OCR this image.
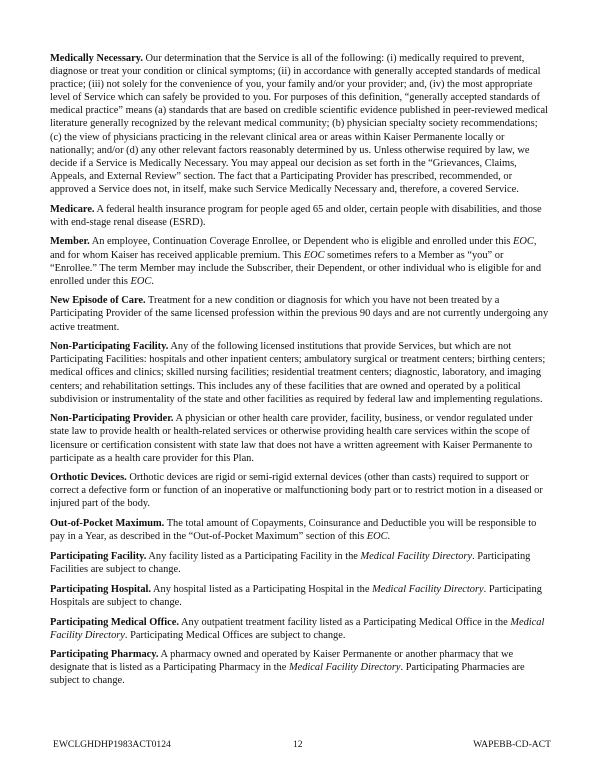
Medically Necessary. Our determination that the Service is all of the following: (i) medically required to prevent, diagnose or treat your condition or clinical symptoms; (ii) in accordance with generally accepted standards of medical practice; (iii) not solely for the convenience of you, your family and/or your provider; and, (iv) the most appropriate level of Service which can safely be provided to you. For purposes of this definition, “generally accepted standards of medical practice” means (a) standards that are based on credible scientific evidence published in peer-reviewed medical literature generally recognized by the relevant medical community; (b) physician specialty society recommendations; (c) the view of physicians practicing in the relevant clinical area or areas within Kaiser Permanente locally or nationally; and/or (d) any other relevant factors reasonably determined by us. Unless otherwise required by law, we decide if a Service is Medically Necessary. You may appeal our decision as set forth in the “Grievances, Claims, Appeals, and External Review” section. The fact that a Participating Provider has prescribed, recommended, or approved a Service does not, in itself, make such Service Medically Necessary and, therefore, a covered Service.

Medicare. A federal health insurance program for people aged 65 and older, certain people with disabilities, and those with end-stage renal disease (ESRD).

Member. An employee, Continuation Coverage Enrollee, or Dependent who is eligible and enrolled under this EOC, and for whom Kaiser has received applicable premium. This EOC sometimes refers to a Member as “you” or “Enrollee.” The term Member may include the Subscriber, their Dependent, or other individual who is eligible for and enrolled under this EOC.

New Episode of Care. Treatment for a new condition or diagnosis for which you have not been treated by a Participating Provider of the same licensed profession within the previous 90 days and are not currently undergoing any active treatment.

Non-Participating Facility. Any of the following licensed institutions that provide Services, but which are not Participating Facilities: hospitals and other inpatient centers; ambulatory surgical or treatment centers; birthing centers; medical offices and clinics; skilled nursing facilities; residential treatment centers; diagnostic, laboratory, and imaging centers; and rehabilitation settings. This includes any of these facilities that are owned and operated by a political subdivision or instrumentality of the state and other facilities as required by federal law and implementing regulations.

Non-Participating Provider. A physician or other health care provider, facility, business, or vendor regulated under state law to provide health or health-related services or otherwise providing health care services within the scope of licensure or certification consistent with state law that does not have a written agreement with Kaiser Permanente to participate as a health care provider for this Plan.

Orthotic Devices. Orthotic devices are rigid or semi-rigid external devices (other than casts) required to support or correct a defective form or function of an inoperative or malfunctioning body part or to restrict motion in a diseased or injured part of the body.

Out-of-Pocket Maximum. The total amount of Copayments, Coinsurance and Deductible you will be responsible to pay in a Year, as described in the “Out-of-Pocket Maximum” section of this EOC.

Participating Facility. Any facility listed as a Participating Facility in the Medical Facility Directory. Participating Facilities are subject to change.

Participating Hospital. Any hospital listed as a Participating Hospital in the Medical Facility Directory. Participating Hospitals are subject to change.

Participating Medical Office. Any outpatient treatment facility listed as a Participating Medical Office in the Medical Facility Directory. Participating Medical Offices are subject to change.

Participating Pharmacy. A pharmacy owned and operated by Kaiser Permanente or another pharmacy that we designate that is listed as a Participating Pharmacy in the Medical Facility Directory. Participating Pharmacies are subject to change.

EWCLGHDHP1983ACT0124	12	WAPEBB-CD-ACT
